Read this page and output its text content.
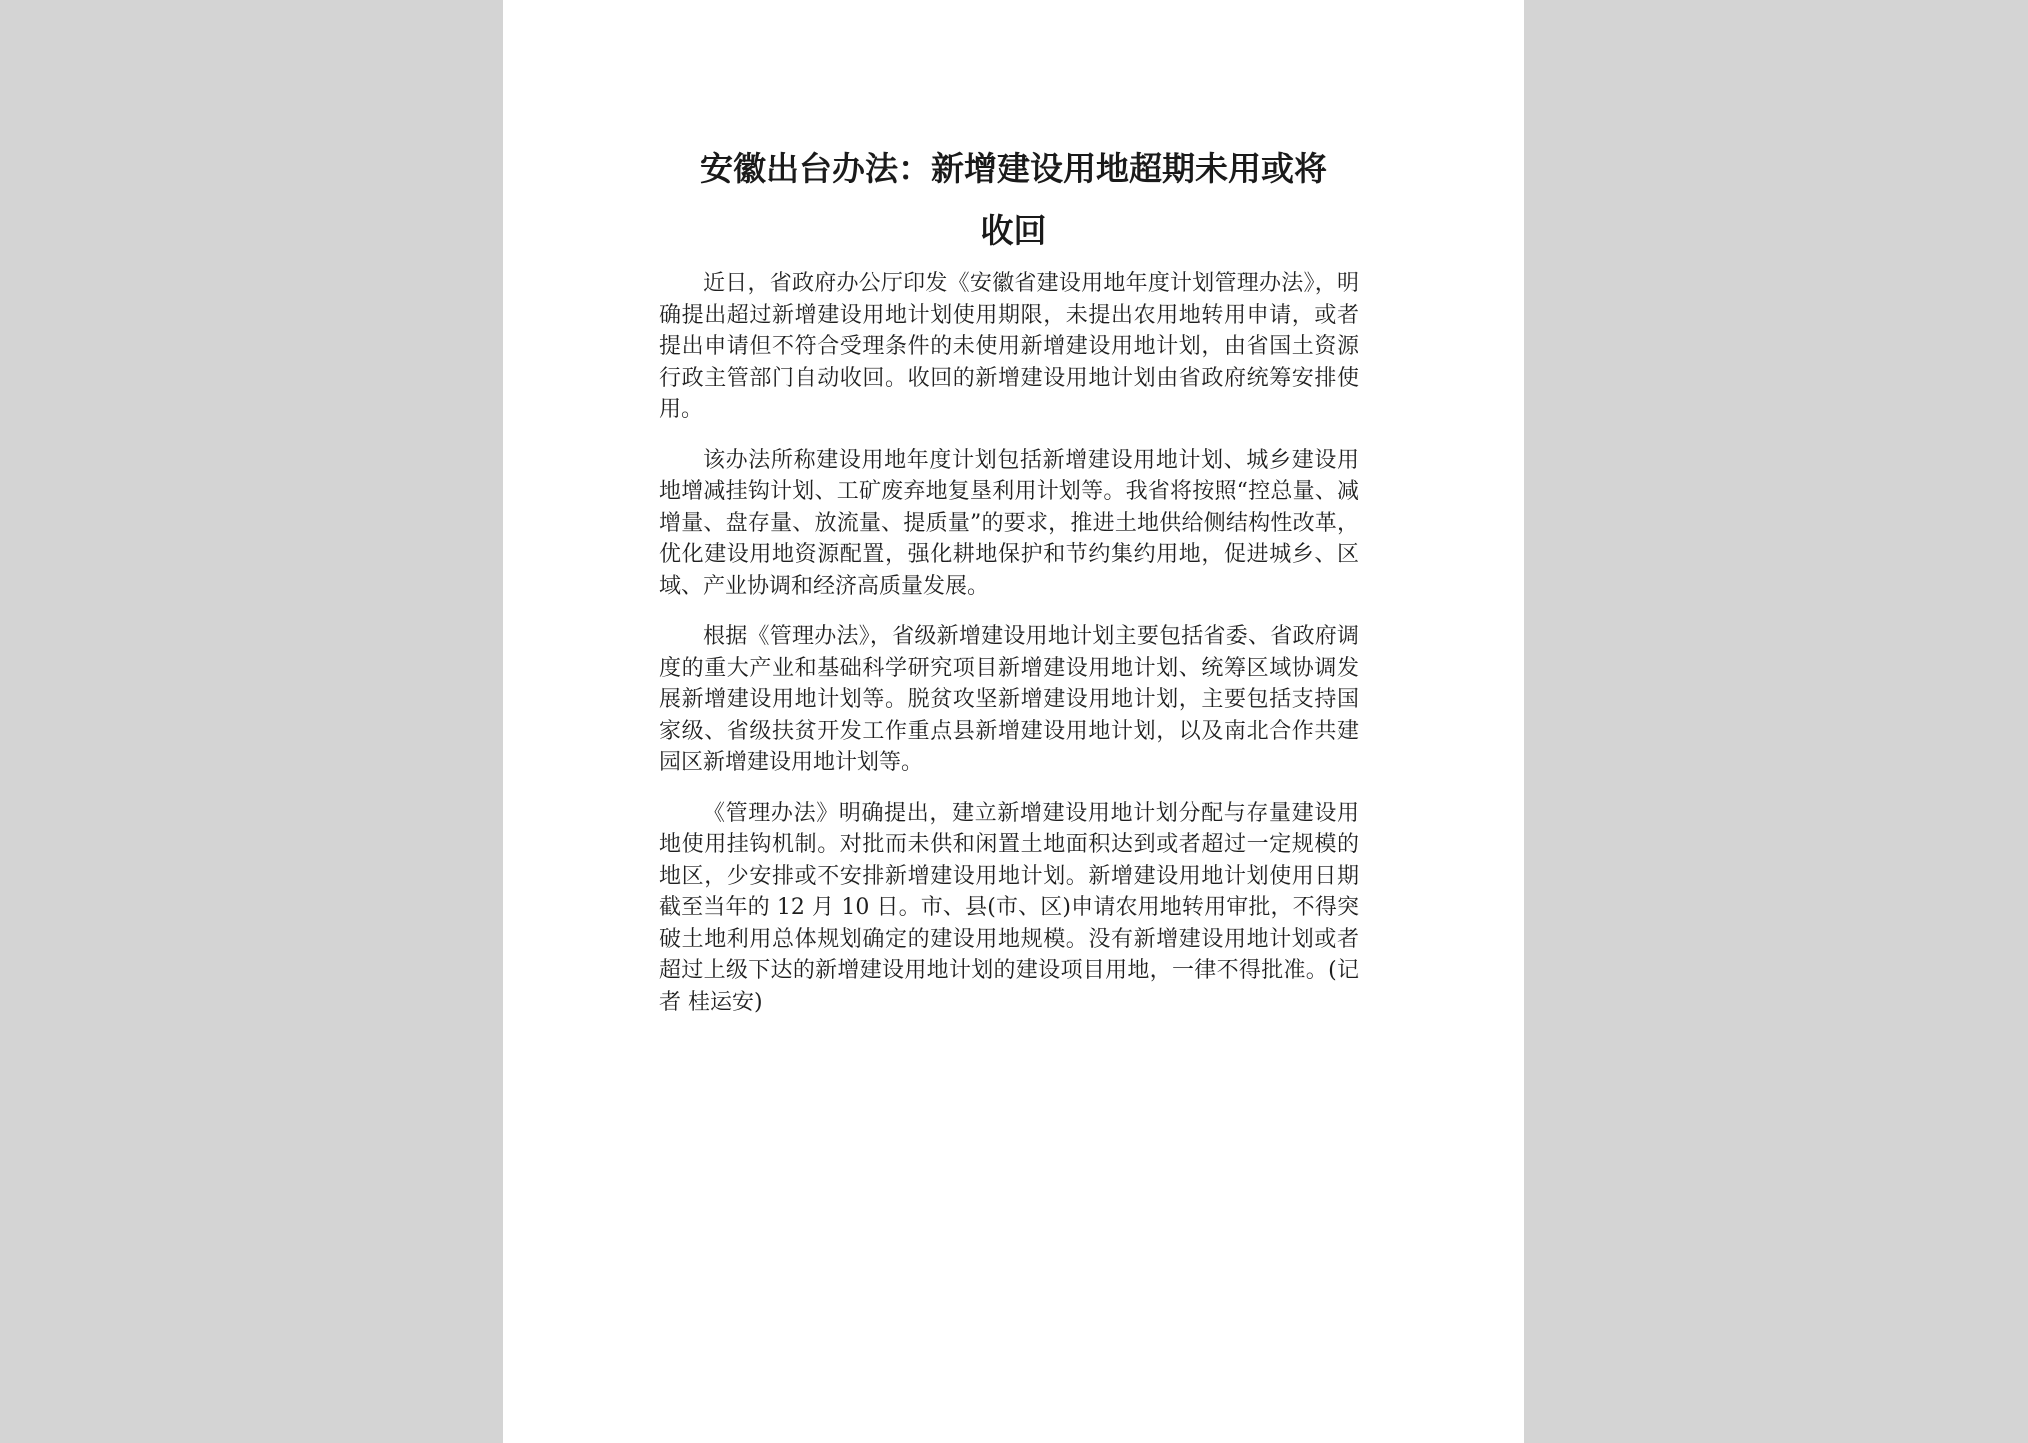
安徽出台办法：新增建设用地超期未用或将
收回

近日，省政府办公厅印发《安徽省建设用地年度计划管理办法》，明确提出超过新增建设用地计划使用期限，未提出农用地转用申请，或者提出申请但不符合受理条件的未使用新增建设用地计划，由省国土资源行政主管部门自动收回。收回的新增建设用地计划由省政府统筹安排使用。

该办法所称建设用地年度计划包括新增建设用地计划、城乡建设用地增减挂钩计划、工矿废弃地复垦利用计划等。我省将按照“控总量、减增量、盘存量、放流量、提质量”的要求，推进土地供给侧结构性改革，优化建设用地资源配置，强化耕地保护和节约集约用地，促进城乡、区域、产业协调和经济高质量发展。

根据《管理办法》，省级新增建设用地计划主要包括省委、省政府调度的重大产业和基础科学研究项目新增建设用地计划、统筹区域协调发展新增建设用地计划等。脱贫攻坚新增建设用地计划，主要包括支持国家级、省级扶贫开发工作重点县新增建设用地计划，以及南北合作共建园区新增建设用地计划等。

《管理办法》明确提出，建立新增建设用地计划分配与存量建设用地使用挂钩机制。对批而未供和闲置土地面积达到或者超过一定规模的地区，少安排或不安排新增建设用地计划。新增建设用地计划使用日期截至当年的 12 月 10 日。市、县(市、区)申请农用地转用审批，不得突破土地利用总体规划确定的建设用地规模。没有新增建设用地计划或者超过上级下达的新增建设用地计划的建设项目用地，一律不得批准。(记者 桂运安)
